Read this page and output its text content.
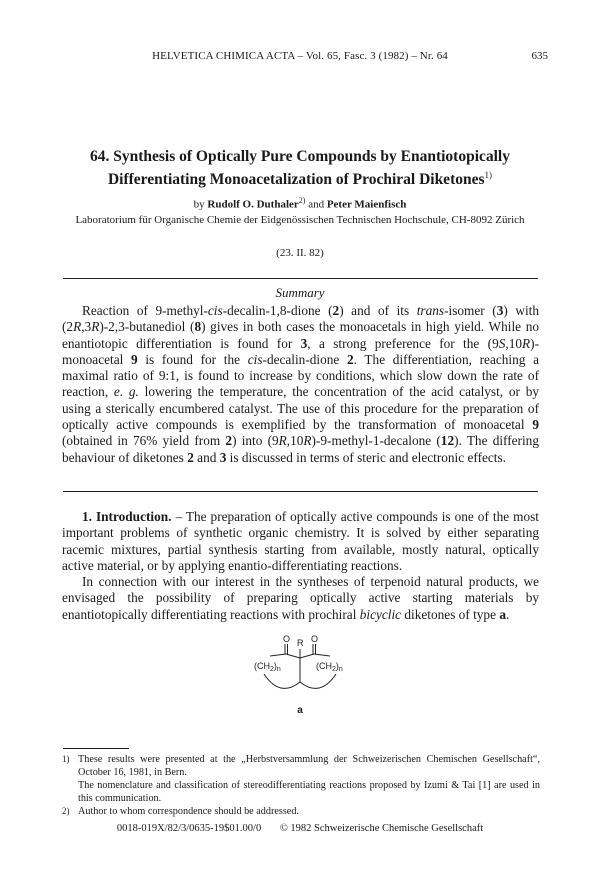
HELVETICA CHIMICA ACTA – Vol. 65, Fasc. 3 (1982) – Nr. 64	635
64. Synthesis of Optically Pure Compounds by Enantiotopically Differentiating Monoacetalization of Prochiral Diketones$^{1)}$
by Rudolf O. Duthaler$^{2)}$ and Peter Maienfisch
Laboratorium für Organische Chemie der Eidgenössischen Technischen Hochschule, CH-8092 Zürich
(23. II. 82)
Summary

Reaction of 9-methyl-cis-decalin-1,8-dione (2) and of its trans-isomer (3) with (2R,3R)-2,3-butanediol (8) gives in both cases the monoacetals in high yield. While no enantiotopic differentiation is found for 3, a strong preference for the (9S,10R)-monoacetal 9 is found for the cis-decalin-dione 2. The differentiation, reaching a maximal ratio of 9:1, is found to increase by conditions, which slow down the rate of reaction, e. g. lowering the temperature, the concentration of the acid catalyst, or by using a sterically encumbered catalyst. The use of this procedure for the preparation of optically active compounds is exemplified by the transformation of monoacetal 9 (obtained in 76% yield from 2) into (9R,10R)-9-methyl-1-decalone (12). The differing behaviour of diketones 2 and 3 is discussed in terms of steric and electronic effects.

1. Introduction. – The preparation of optically active compounds is one of the most important problems of synthetic organic chemistry. It is solved by either separating racemic mixtures, partial synthesis starting from available, mostly natural, optically active material, or by applying enantio-differentiating reactions.

In connection with our interest in the syntheses of terpenoid natural products, we envisaged the possibility of preparing optically active starting materials by enantiotopically differentiating reactions with prochiral bicyclic diketones of type a.

O R O
$(CH_2)_n$	$(CH_2)_n$
a
1) These results were presented at the „Herbstversammlung der Schweizerischen Chemischen Gesellschaft“, October 16, 1981, in Bern.
The nomenclature and classification of stereodifferentiating reactions proposed by Izumi & Tai [1] are used in this communication.
2) Author to whom correspondence should be addressed.
0018-019X/82/3/0635-19$01.00/0 © 1982 Schweizerische Chemische Gesellschaft
